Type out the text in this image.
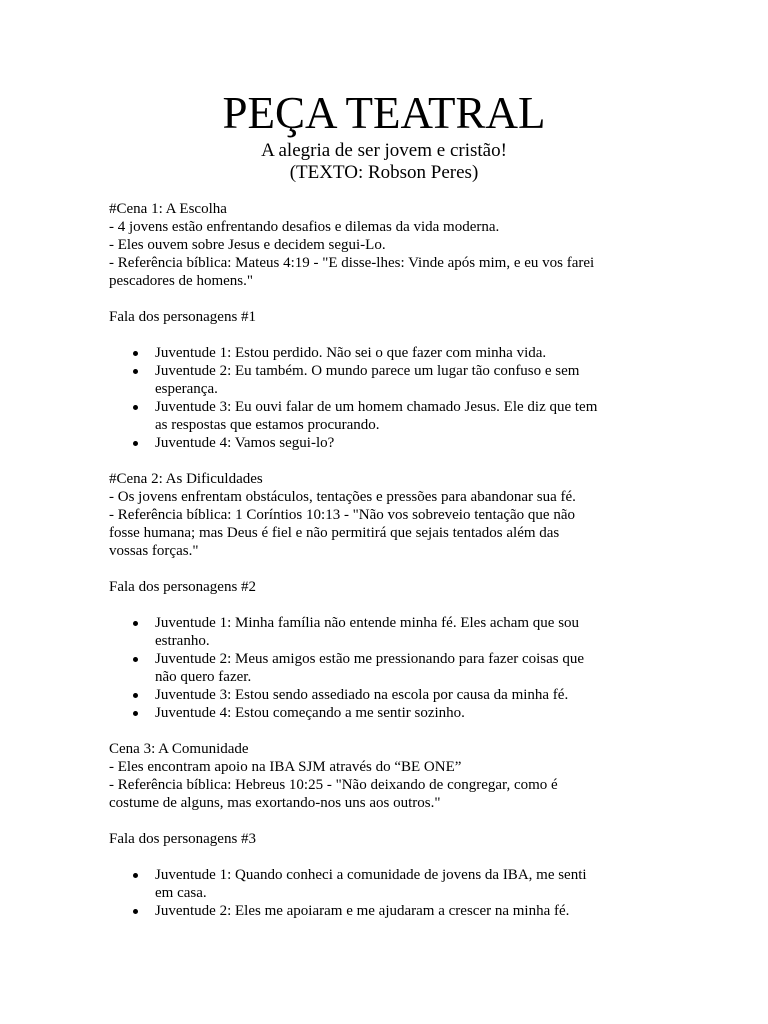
PEÇA TEATRAL
A alegria de ser jovem e cristão!
(TEXTO: Robson Peres)
#Cena 1: A Escolha
- 4 jovens estão enfrentando desafios e dilemas da vida moderna.
- Eles ouvem sobre Jesus e decidem segui-Lo.
- Referência bíblica: Mateus 4:19 - "E disse-lhes: Vinde após mim, e eu vos farei
pescadores de homens."
Fala dos personagens #1
Juventude 1: Estou perdido. Não sei o que fazer com minha vida.
Juventude 2: Eu também. O mundo parece um lugar tão confuso e sem
esperança.
Juventude 3: Eu ouvi falar de um homem chamado Jesus. Ele diz que tem
as respostas que estamos procurando.
Juventude 4: Vamos segui-lo?
#Cena 2: As Dificuldades
- Os jovens enfrentam obstáculos, tentações e pressões para abandonar sua fé.
- Referência bíblica: 1 Coríntios 10:13 - "Não vos sobreveio tentação que não
fosse humana; mas Deus é fiel e não permitirá que sejais tentados além das
vossas forças."
Fala dos personagens #2
Juventude 1: Minha família não entende minha fé. Eles acham que sou
estranho.
Juventude 2: Meus amigos estão me pressionando para fazer coisas que
não quero fazer.
Juventude 3: Estou sendo assediado na escola por causa da minha fé.
Juventude 4: Estou começando a me sentir sozinho.
Cena 3: A Comunidade
- Eles encontram apoio na IBA SJM através do “BE ONE”
- Referência bíblica: Hebreus 10:25 - "Não deixando de congregar, como é
costume de alguns, mas exortando-nos uns aos outros."
Fala dos personagens #3
Juventude 1: Quando conheci a comunidade de jovens da IBA, me senti
em casa.
Juventude 2: Eles me apoiaram e me ajudaram a crescer na minha fé.
